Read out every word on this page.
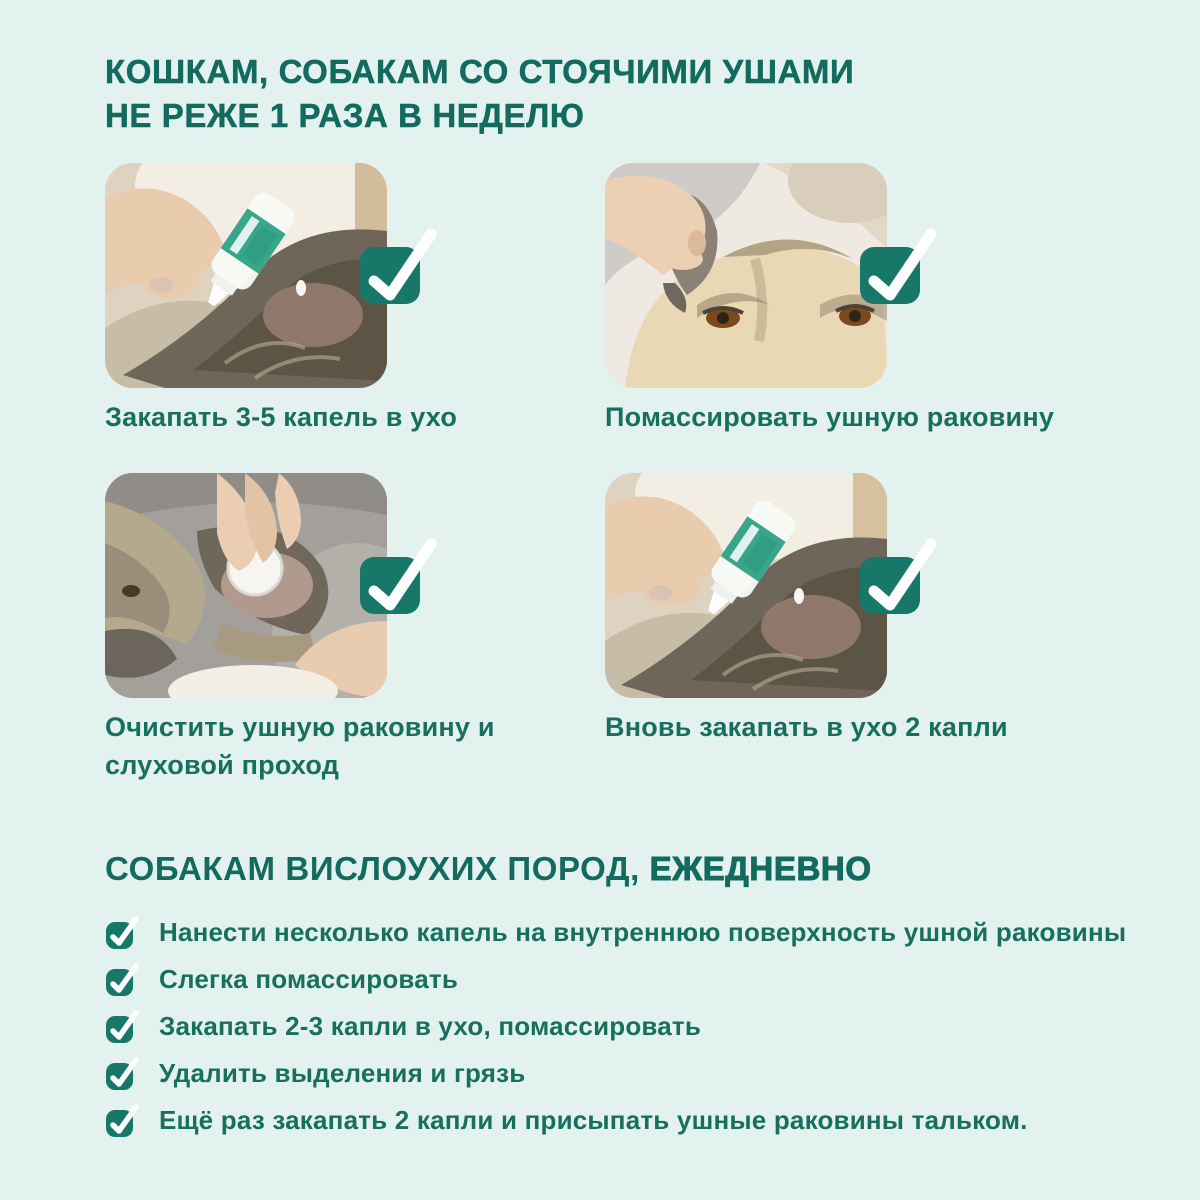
КОШКАМ, СОБАКАМ СО СТОЯЧИМИ УШАМИ
НЕ РЕЖЕ 1 РАЗА В НЕДЕЛЮ
Закапать 3-5 капель в ухо	Помассировать ушную раковину
Очистить ушную раковину и слуховой проход
Вновь закапать в ухо 2 капли
СОБАКАМ ВИСЛОУХИХ ПОРОД, ЕЖЕДНЕВНО
Нанести несколько капель на внутреннюю поверхность ушной раковины
Слегка помассировать
Закапать 2-3 капли в ухо, помассировать
Удалить выделения и грязь
Ещё раз закапать 2 капли и присыпать ушные раковины тальком.
